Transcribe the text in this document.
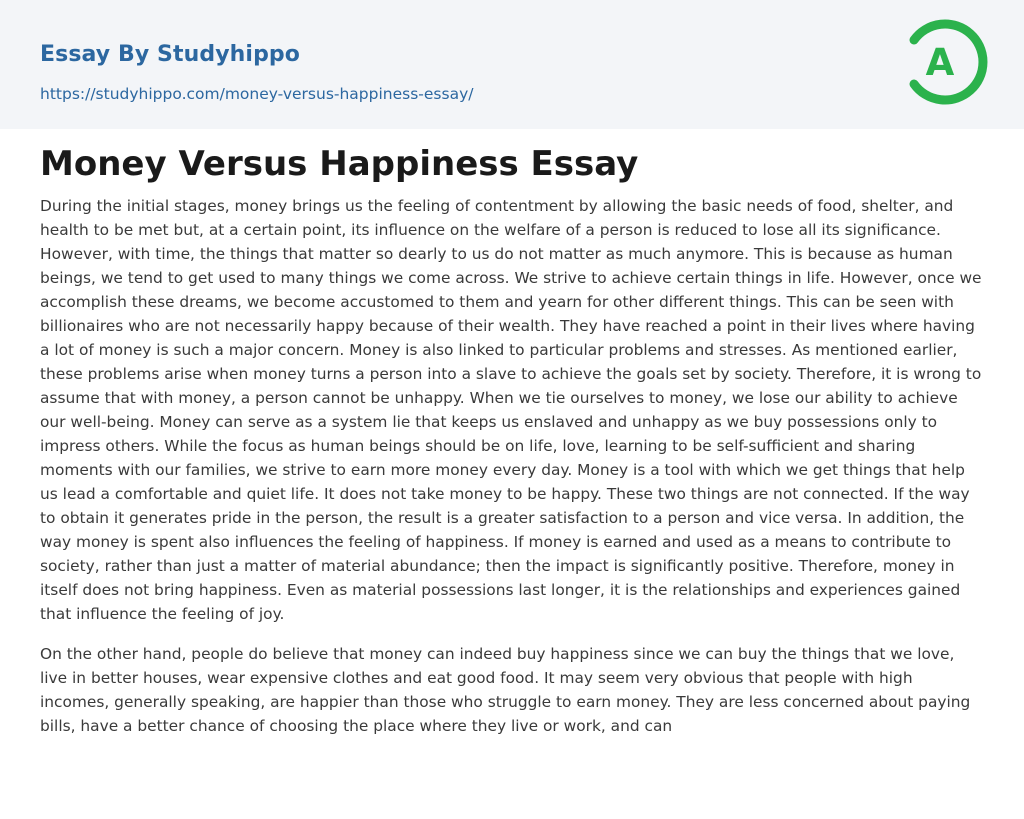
Essay By Studyhippo
https://studyhippo.com/money-versus-happiness-essay/
A
Money Versus Happiness Essay

During the initial stages, money brings us the feeling of contentment by allowing the basic needs of food, shelter, and health to be met but, at a certain point, its influence on the welfare of a person is reduced to lose all its significance. However, with time, the things that matter so dearly to us do not matter as much anymore. This is because as human beings, we tend to get used to many things we come across. We strive to achieve certain things in life. However, once we accomplish these dreams, we become accustomed to them and yearn for other different things. This can be seen with billionaires who are not necessarily happy because of their wealth. They have reached a point in their lives where having a lot of money is such a major concern. Money is also linked to particular problems and stresses. As mentioned earlier, these problems arise when money turns a person into a slave to achieve the goals set by society. Therefore, it is wrong to assume that with money, a person cannot be unhappy. When we tie ourselves to money, we lose our ability to achieve our well-being. Money can serve as a system lie that keeps us enslaved and unhappy as we buy possessions only to impress others. While the focus as human beings should be on life, love, learning to be self-sufficient and sharing moments with our families, we strive to earn more money every day. Money is a tool with which we get things that help us lead a comfortable and quiet life. It does not take money to be happy. These two things are not connected. If the way to obtain it generates pride in the person, the result is a greater satisfaction to a person and vice versa. In addition, the way money is spent also influences the feeling of happiness. If money is earned and used as a means to contribute to society, rather than just a matter of material abundance; then the impact is significantly positive. Therefore, money in itself does not bring happiness. Even as material possessions last longer, it is the relationships and experiences gained that influence the feeling of joy.

On the other hand, people do believe that money can indeed buy happiness since we can buy the things that we love, live in better houses, wear expensive clothes and eat good food. It may seem very obvious that people with high incomes, generally speaking, are happier than those who struggle to earn money. They are less concerned about paying bills, have a better chance of choosing the place where they live or work, and can
